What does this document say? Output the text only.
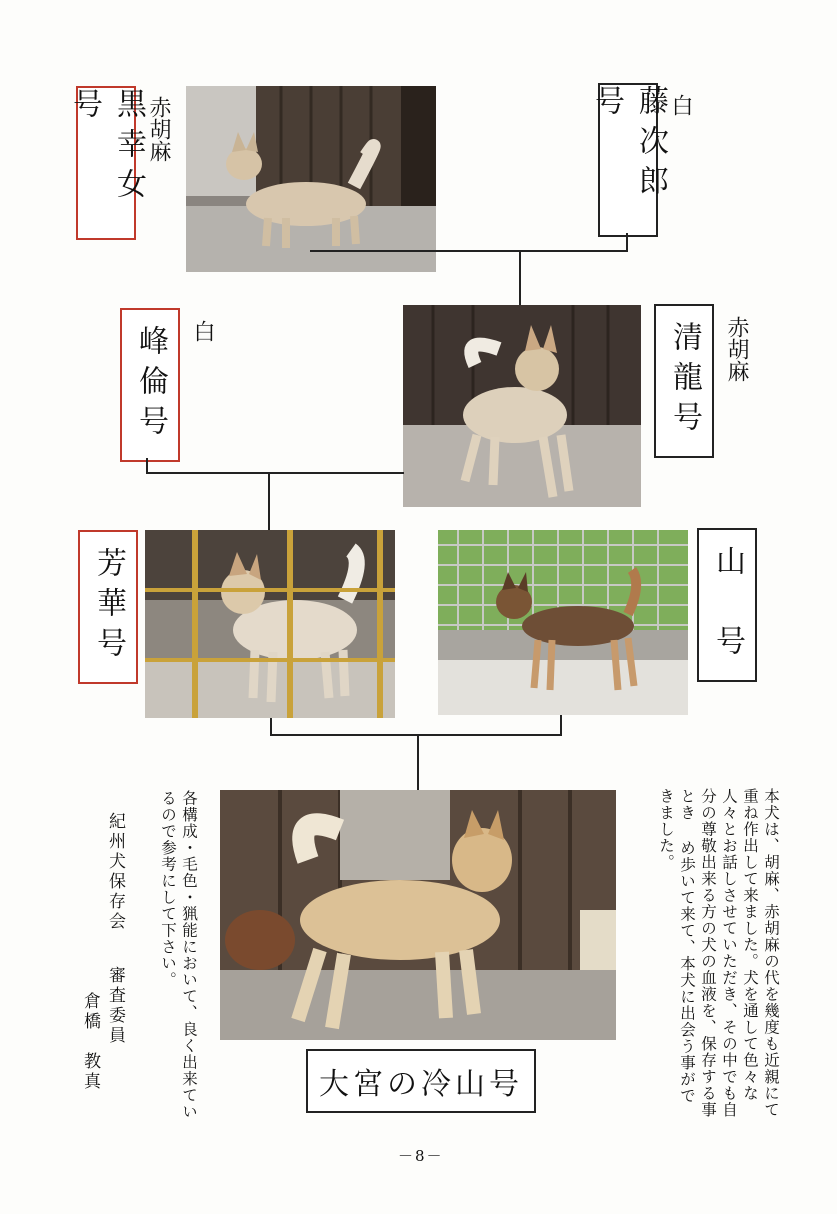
黒幸女号	赤胡麻	藤次郎号	白
峰倫号	白	清龍号	赤胡麻
芳華号	山　号
本犬は、胡麻、赤胡麻の代を幾度も近親にて重ね作出して来ました。犬を通して色々な人々とお話しさせていただき、その中でも自分の尊敬出来る方の犬の血液を、保存する事とき め歩いて来て、本犬に出会う事ができました。
各構成・毛色・猟能において、良く出来ているので参考にして下さい。
紀州犬保存会
審査委員
倉橋　教真	大宮の冷山号
－8－
